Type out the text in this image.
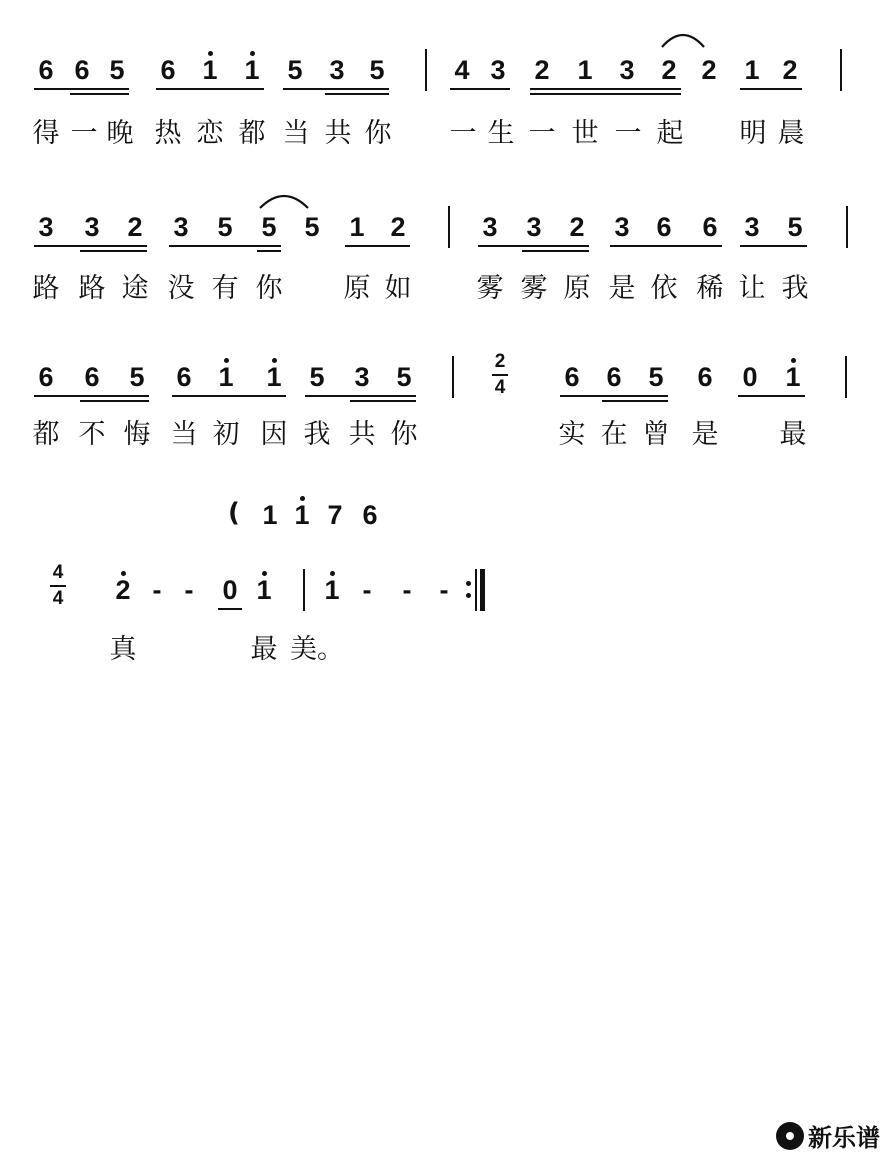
6 6 5 6 1 1 5 3 5	4 3 2 1 3 2 2 1 2
得 一 晚 热 恋 都 当 共 你 一 生 一 世 一 起 明 晨
3 3 2 3 5 5 5 1 2	3 3 2 3 6 6 3 5
路 路 途 没 有 你 原 如 雾 雾 原 是 依 稀 让 我
6 6 5 6 1 1 5 3 5
2
4 6 6 5 6 0 1
都 不 悔 当 初 因 我 共 你	实 在 曾 是 最
( 1 1 7 6
4
4 2 - - 0 1 1 - - -
真	最 美。
新乐谱
